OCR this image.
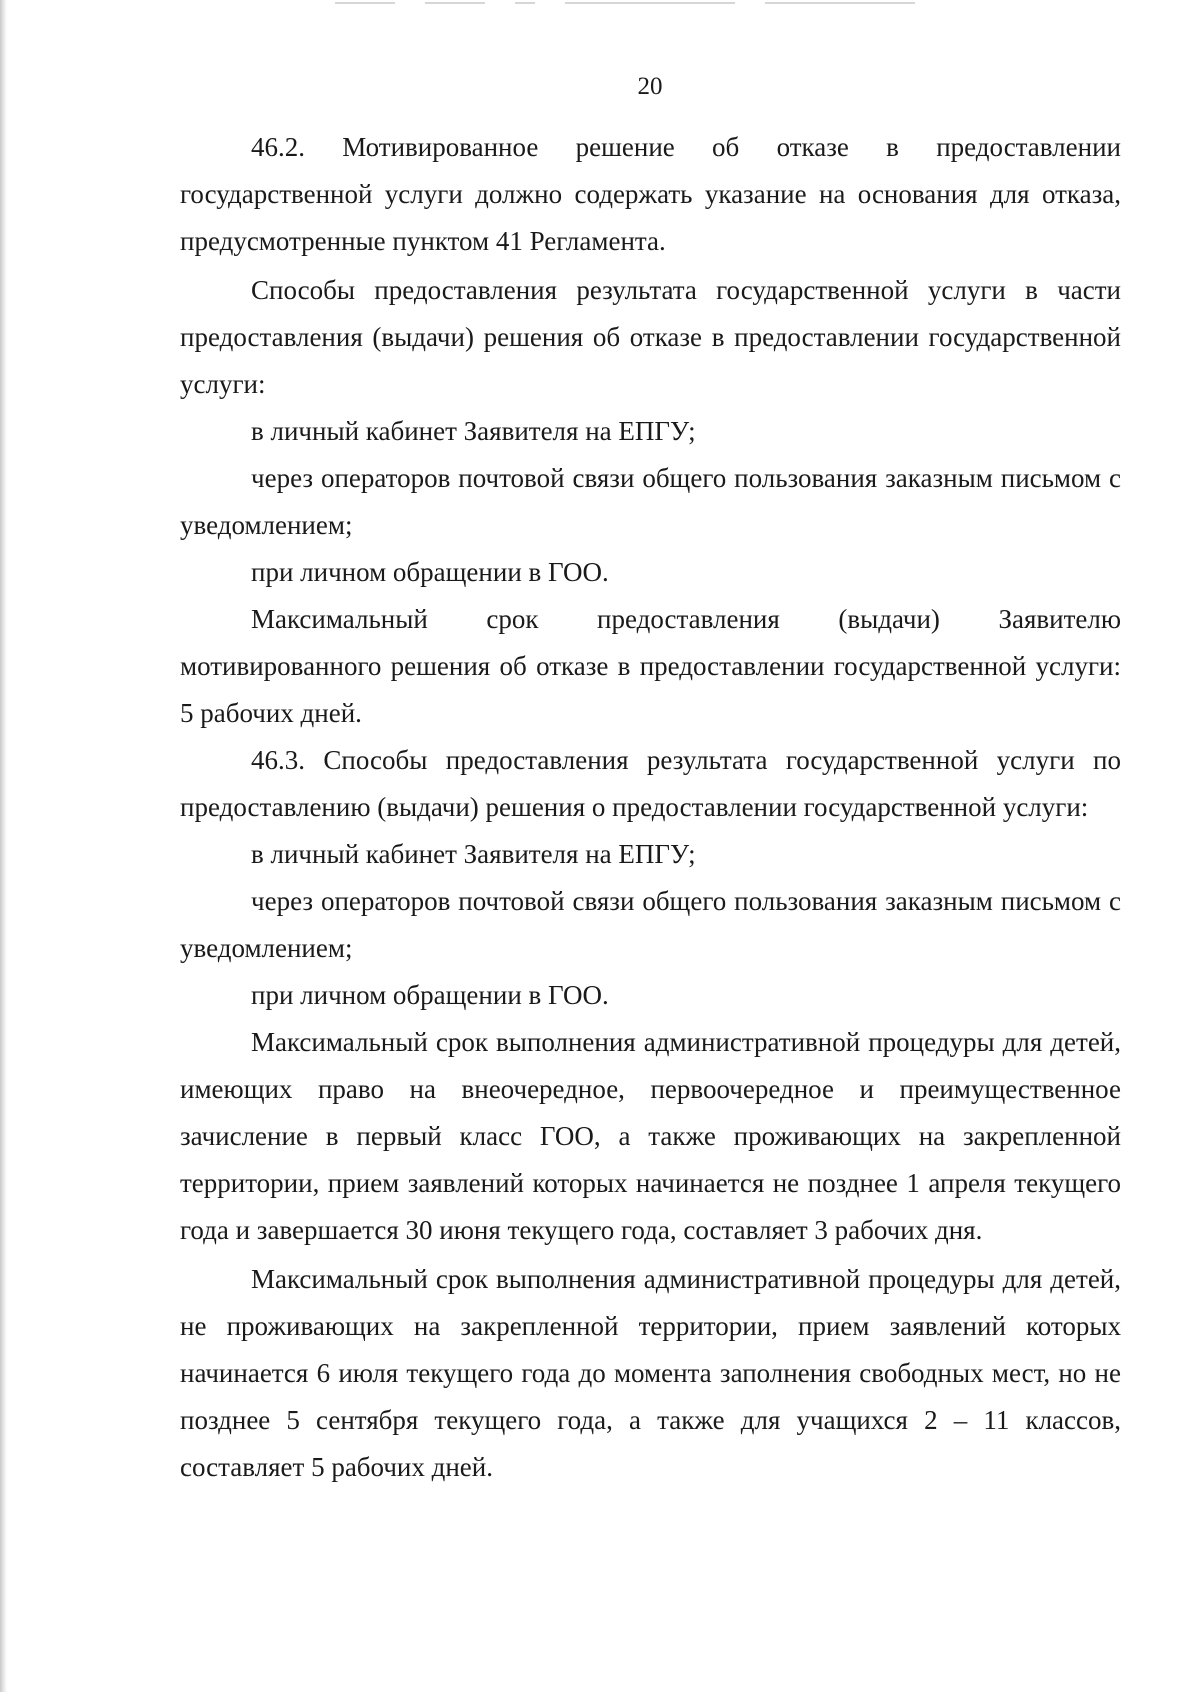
20

46.2. Мотивированное решение об отказе в предоставлении государственной услуги должно содержать указание на основания для отказа, предусмотренные пунктом 41 Регламента.

Способы предоставления результата государственной услуги в части предоставления (выдачи) решения об отказе в предоставлении государственной услуги:

в личный кабинет Заявителя на ЕПГУ;

через операторов почтовой связи общего пользования заказным письмом с уведомлением;

при личном обращении в ГОО.

Максимальный срок предоставления (выдачи) Заявителю мотивированного решения об отказе в предоставлении государственной услуги: 5 рабочих дней.

46.3. Способы предоставления результата государственной услуги по предоставлению (выдачи) решения о предоставлении государственной услуги:

в личный кабинет Заявителя на ЕПГУ;

через операторов почтовой связи общего пользования заказным письмом с уведомлением;

при личном обращении в ГОО.

Максимальный срок выполнения административной процедуры для детей, имеющих право на внеочередное, первоочередное и преимущественное зачисление в первый класс ГОО, а также проживающих на закрепленной территории, прием заявлений которых начинается не позднее 1 апреля текущего года и завершается 30 июня текущего года, составляет 3 рабочих дня.

Максимальный срок выполнения административной процедуры для детей, не проживающих на закрепленной территории, прием заявлений которых начинается 6 июля текущего года до момента заполнения свободных мест, но не позднее 5 сентября текущего года, а также для учащихся 2 – 11 классов, составляет 5 рабочих дней.
